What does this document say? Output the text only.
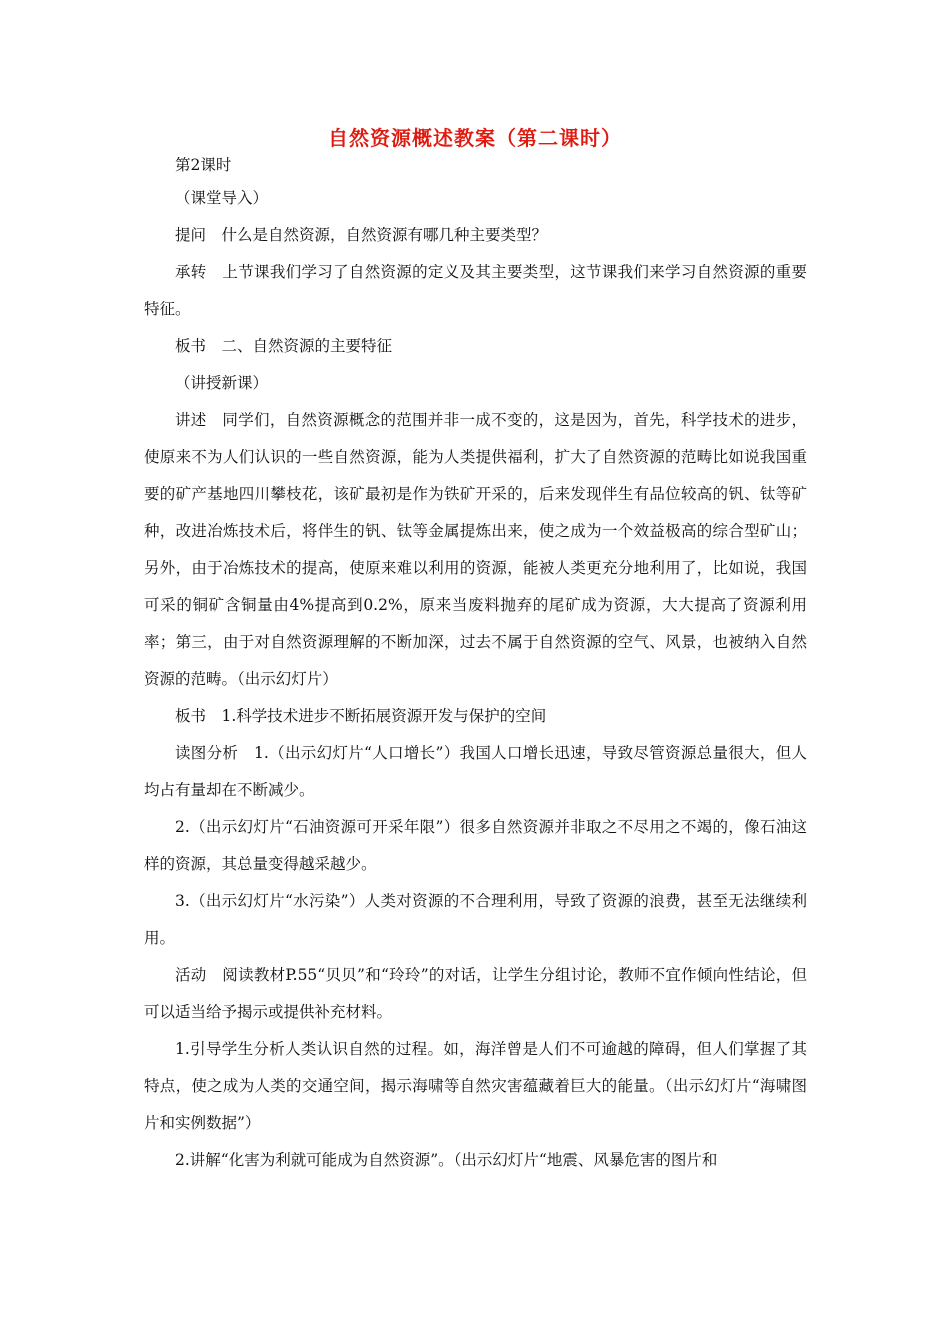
自然资源概述教案（第二课时）

第2课时

（课堂导入）

提问　什么是自然资源，自然资源有哪几种主要类型？

承转　上节课我们学习了自然资源的定义及其主要类型，这节课我们来学习自然资源的重要特征。

板书　二、自然资源的主要特征

（讲授新课）

讲述　同学们，自然资源概念的范围并非一成不变的，这是因为，首先，科学技术的进步，使原来不为人们认识的一些自然资源，能为人类提供福利，扩大了自然资源的范畴比如说我国重要的矿产基地四川攀枝花，该矿最初是作为铁矿开采的，后来发现伴生有品位较高的钒、钛等矿种，改进冶炼技术后，将伴生的钒、钛等金属提炼出来，使之成为一个效益极高的综合型矿山；另外，由于冶炼技术的提高，使原来难以利用的资源，能被人类更充分地利用了，比如说，我国可采的铜矿含铜量由4%提高到0.2%，原来当废料抛弃的尾矿成为资源，大大提高了资源利用率；第三，由于对自然资源理解的不断加深，过去不属于自然资源的空气、风景，也被纳入自然资源的范畴。（出示幻灯片）

板书　1.科学技术进步不断拓展资源开发与保护的空间

读图分析　1.（出示幻灯片“人口增长”）我国人口增长迅速，导致尽管资源总量很大，但人均占有量却在不断减少。

2.（出示幻灯片“石油资源可开采年限”）很多自然资源并非取之不尽用之不竭的，像石油这样的资源，其总量变得越采越少。

3.（出示幻灯片“水污染”）人类对资源的不合理利用，导致了资源的浪费，甚至无法继续利用。

活动　阅读教材P.55“贝贝”和“玲玲”的对话，让学生分组讨论，教师不宜作倾向性结论，但可以适当给予揭示或提供补充材料。

1.引导学生分析人类认识自然的过程。如，海洋曾是人们不可逾越的障碍，但人们掌握了其特点，使之成为人类的交通空间，揭示海啸等自然灾害蕴藏着巨大的能量。（出示幻灯片“海啸图片和实例数据”）

2.讲解“化害为利就可能成为自然资源”。（出示幻灯片“地震、风暴危害的图片和
